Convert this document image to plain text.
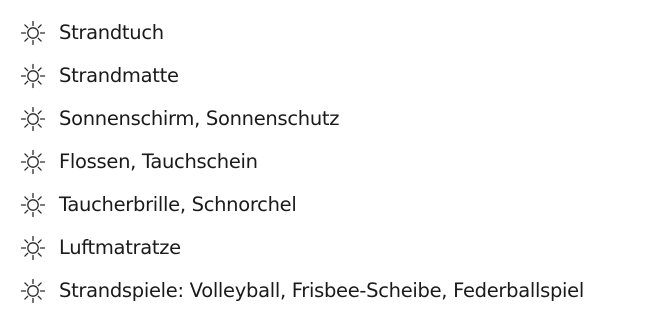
Strandtuch
Strandmatte
Sonnenschirm, Sonnenschutz
Flossen, Tauchschein
Taucherbrille, Schnorchel
Luftmatratze
Strandspiele: Volleyball, Frisbee-Scheibe, Federballspiel
